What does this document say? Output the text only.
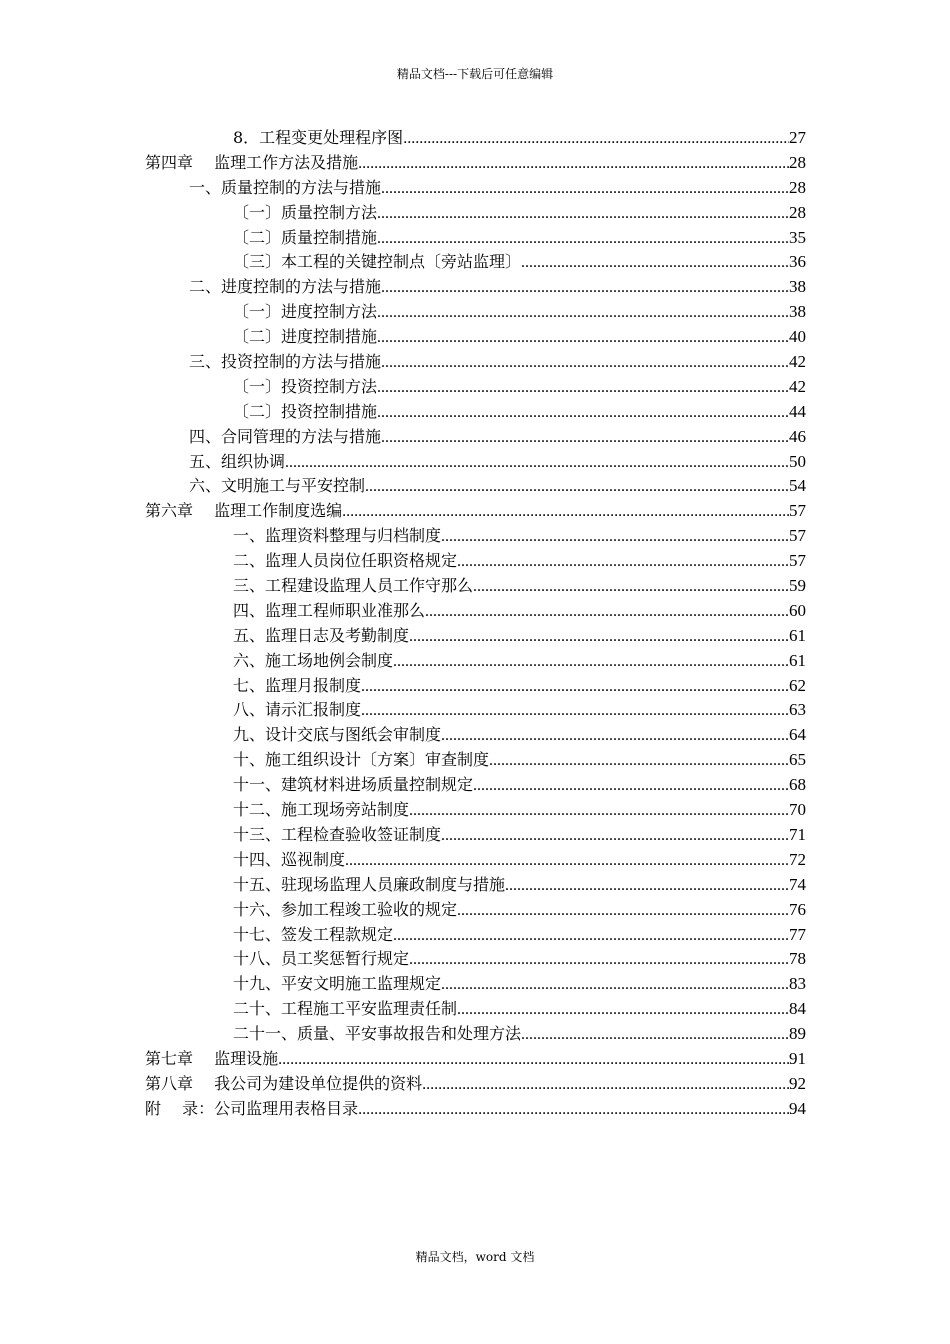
精品文档---下载后可任意编辑
8．工程变更处理程序图 .....	27
第四章　 监理工作方法及措施 .....	28
一、质量控制的方法与措施 .....	28
〔一〕质量控制方法 .....	28
〔二〕质量控制措施 .....	35
〔三〕本工程的关键控制点〔旁站监理〕 .....	36
二、进度控制的方法与措施 .....	38
〔一〕进度控制方法 .....	38
〔二〕进度控制措施 .....	40
三、投资控制的方法与措施 .....	42
〔一〕投资控制方法 .....	42
〔二〕投资控制措施 .....	44
四、合同管理的方法与措施 .....	46
五、组织协调 .....	50
六、文明施工与平安控制 .....	54
第六章　 监理工作制度选编 .....	57
一、监理资料整理与归档制度 .....	57
二、监理人员岗位任职资格规定 .....	57
三、工程建设监理人员工作守那么 .....	59
四、监理工程师职业准那么 .....	60
五、监理日志及考勤制度 .....	61
六、施工场地例会制度 .....	61
七、监理月报制度 .....	62
八、请示汇报制度 .....	63
九、设计交底与图纸会审制度 .....	64
十、施工组织设计〔方案〕审查制度 .....	65
十一、建筑材料进场质量控制规定 .....	68
十二、施工现场旁站制度 .....	70
十三、工程检查验收签证制度 .....	71
十四、巡视制度 .....	72
十五、驻现场监理人员廉政制度与措施 .....	74
十六、参加工程竣工验收的规定 .....	76
十七、签发工程款规定 .....	77
十八、员工奖惩暂行规定 .....	78
十九、平安文明施工监理规定 .....	83
二十、工程施工平安监理责任制 .....	84
二十一、质量、平安事故报告和处理方法 .....	89
第七章　 监理设施 .....	91
第八章　 我公司为建设单位提供的资料 .....	92
附　 录：公司监理用表格目录 .....	94
精品文档，word 文档
